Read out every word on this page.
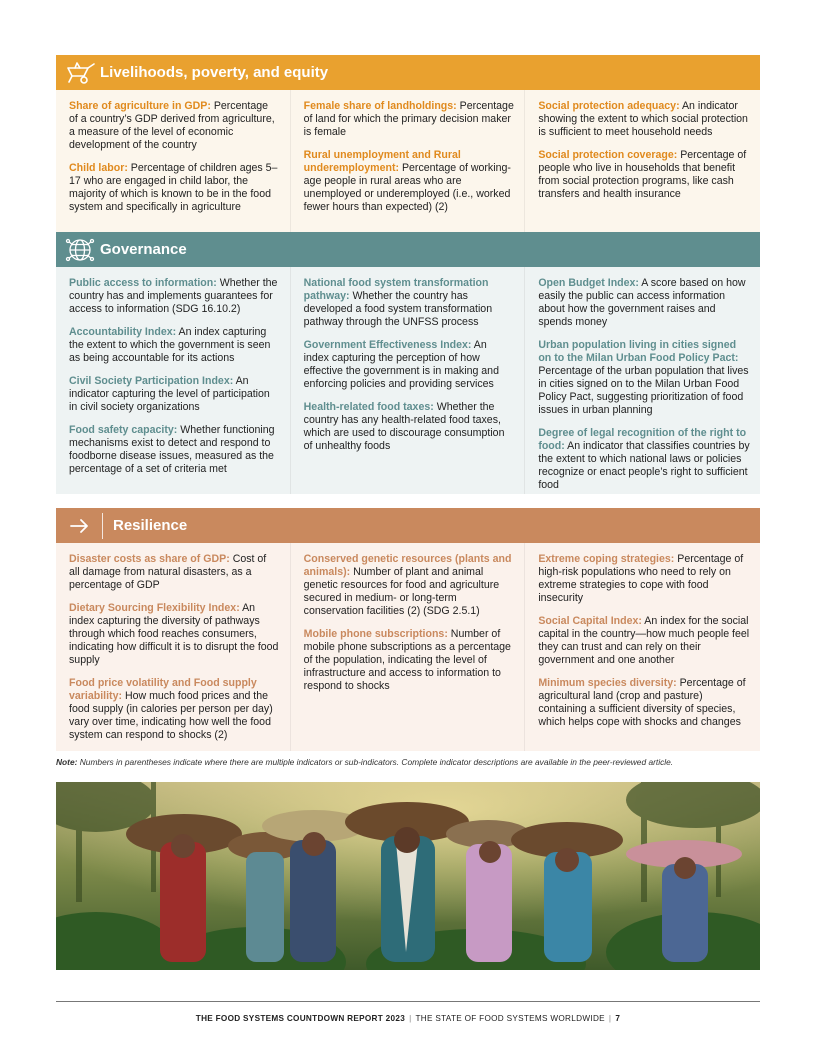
Livelihoods, poverty, and equity

Share of agriculture in GDP: Percentage of a country’s GDP derived from agriculture, a measure of the level of economic development of the country

Child labor: Percentage of children ages 5–17 who are engaged in child labor, the majority of which is known to be in the food system and specifically in agriculture

Female share of landholdings: Percentage of land for which the primary decision maker is female

Rural unemployment and Rural underemployment: Percentage of working-age people in rural areas who are unemployed or underemployed (i.e., worked fewer hours than expected) (2)

Social protection adequacy: An indicator showing the extent to which social protection is sufficient to meet household needs

Social protection coverage: Percentage of people who live in households that benefit from social protection programs, like cash transfers and health insurance

Governance

Public access to information: Whether the country has and implements guarantees for access to information (SDG 16.10.2)

Accountability Index: An index capturing the extent to which the government is seen as being accountable for its actions

Civil Society Participation Index: An indicator capturing the level of participation in civil society organizations

Food safety capacity: Whether functioning mechanisms exist to detect and respond to foodborne disease issues, measured as the percentage of a set of criteria met

National food system transformation pathway: Whether the country has developed a food system transformation pathway through the UNFSS process

Government Effectiveness Index: An index capturing the perception of how effective the government is in making and enforcing policies and providing services

Health-related food taxes: Whether the country has any health-related food taxes, which are used to discourage consumption of unhealthy foods

Open Budget Index: A score based on how easily the public can access information about how the government raises and spends money

Urban population living in cities signed on to the Milan Urban Food Policy Pact: Percentage of the urban population that lives in cities signed on to the Milan Urban Food Policy Pact, suggesting prioritization of food issues in urban planning

Degree of legal recognition of the right to food: An indicator that classifies countries by the extent to which national laws or policies recognize or enact people’s right to sufficient food

Resilience

Disaster costs as share of GDP: Cost of all damage from natural disasters, as a percentage of GDP

Dietary Sourcing Flexibility Index: An index capturing the diversity of pathways through which food reaches consumers, indicating how difficult it is to disrupt the food supply

Food price volatility and Food supply variability: How much food prices and the food supply (in calories per person per day) vary over time, indicating how well the food system can respond to shocks (2)

Conserved genetic resources (plants and animals): Number of plant and animal genetic resources for food and agriculture secured in medium- or long-term conservation facilities (2) (SDG 2.5.1)

Mobile phone subscriptions: Number of mobile phone subscriptions as a percentage of the population, indicating the level of infrastructure and access to information to respond to shocks

Extreme coping strategies: Percentage of high-risk populations who need to rely on extreme strategies to cope with food insecurity

Social Capital Index: An index for the social capital in the country—how much people feel they can trust and can rely on their government and one another

Minimum species diversity: Percentage of agricultural land (crop and pasture) containing a sufficient diversity of species, which helps cope with shocks and changes

Note: Numbers in parentheses indicate where there are multiple indicators or sub-indicators. Complete indicator descriptions are available in the peer-reviewed article.

THE FOOD SYSTEMS COUNTDOWN REPORT 2023 | THE STATE OF FOOD SYSTEMS WORLDWIDE | 7
